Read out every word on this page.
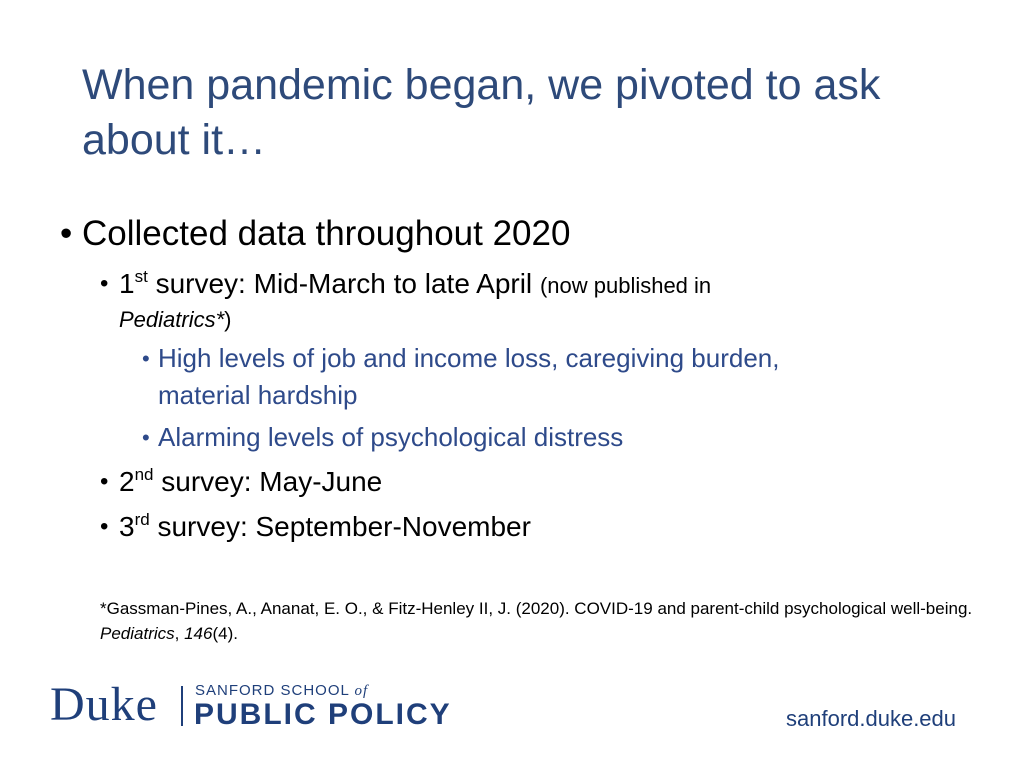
When pandemic began, we pivoted to ask about it…
• Collected data throughout 2020
• 1st survey: Mid-March to late April (now published in
Pediatrics*)
• High levels of job and income loss, caregiving burden,
material hardship
• Alarming levels of psychological distress
• 2nd survey: May-June
• 3rd survey: September-November
*Gassman-Pines, A., Ananat, E. O., & Fitz-Henley II, J. (2020). COVID-19 and parent-child psychological well-being. Pediatrics, 146(4).
Duke SANFORD SCHOOL of
PUBLIC POLICY	sanford.duke.edu
